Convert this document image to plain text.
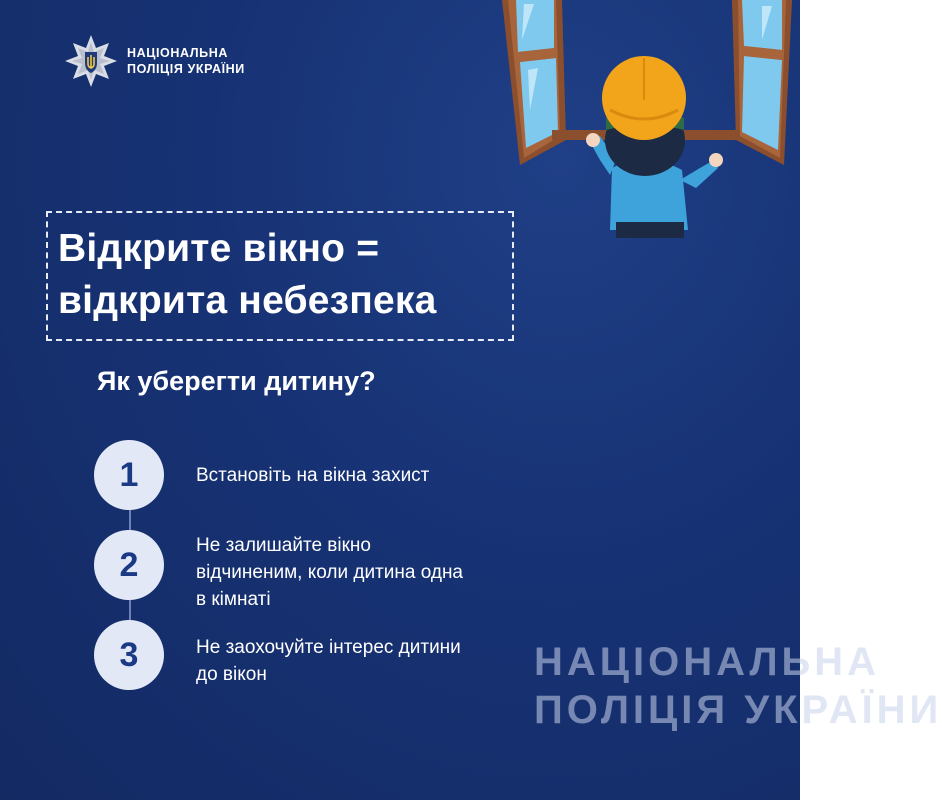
НАЦІОНАЛЬНА
ПОЛІЦІЯ УКРАЇНИ
Відкрите вікно =
відкрита небезпека
Як уберегти дитину?
1	Встановіть на вікна захист
2	Не залишайте вікно
відчиненим, коли дитина одна
в кімнаті
3	Не заохочуйте інтерес дитини
до вікон	НАЦІОНАЛЬНА
ПОЛІЦІЯ УКРАЇНИ
